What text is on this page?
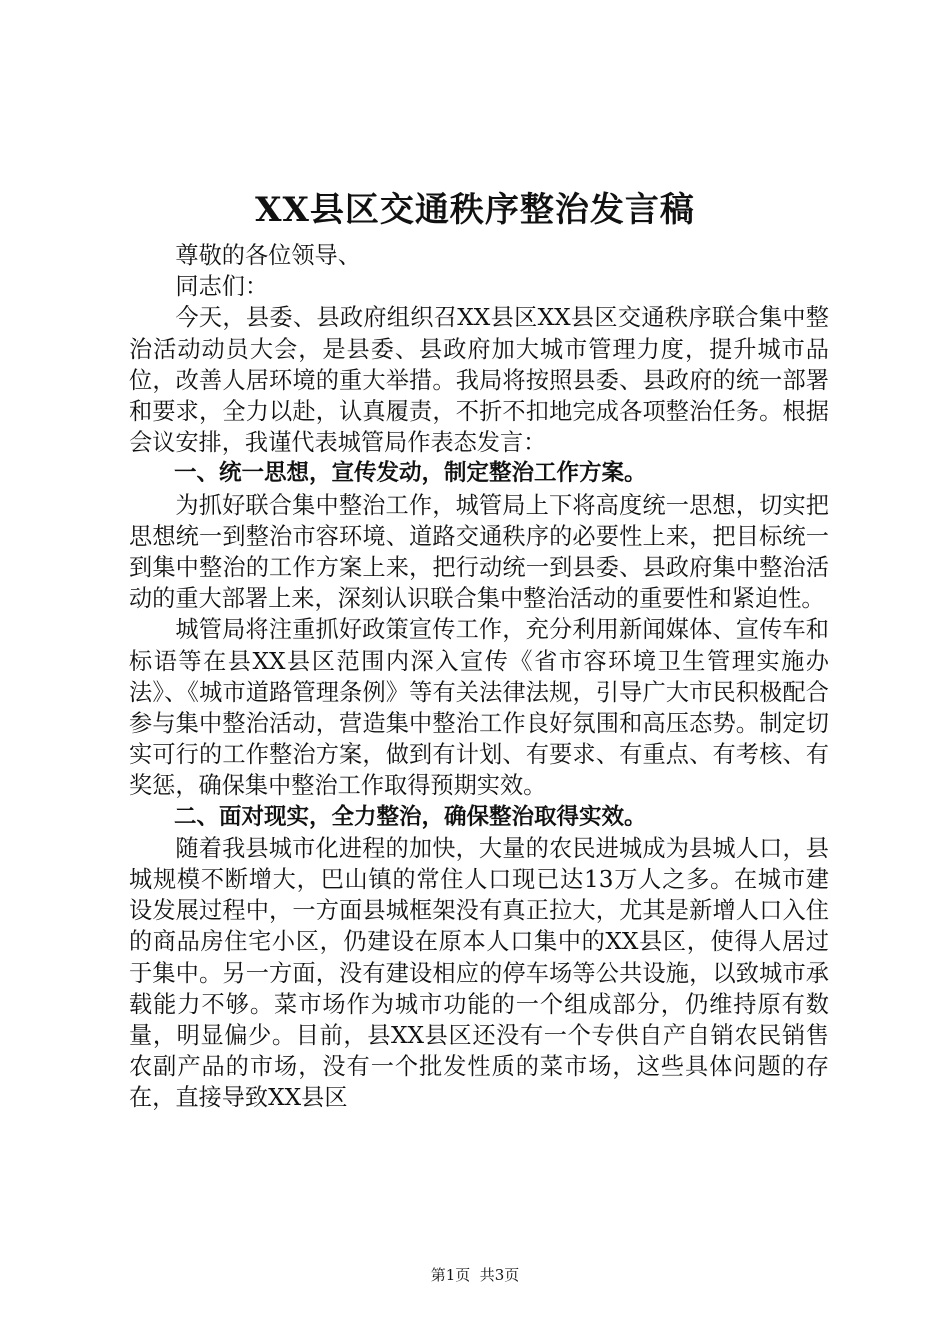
XX县区交通秩序整治发言稿

尊敬的各位领导、

同志们：

今天，县委、县政府组织召XX县区XX县区交通秩序联合集中整治活动动员大会，是县委、县政府加大城市管理力度，提升城市品位，改善人居环境的重大举措。我局将按照县委、县政府的统一部署和要求，全力以赴，认真履责，不折不扣地完成各项整治任务。根据会议安排，我谨代表城管局作表态发言：

一、统一思想，宣传发动，制定整治工作方案。

为抓好联合集中整治工作，城管局上下将高度统一思想，切实把思想统一到整治市容环境、道路交通秩序的必要性上来，把目标统一到集中整治的工作方案上来，把行动统一到县委、县政府集中整治活动的重大部署上来，深刻认识联合集中整治活动的重要性和紧迫性。

城管局将注重抓好政策宣传工作，充分利用新闻媒体、宣传车和标语等在县XX县区范围内深入宣传《省市容环境卫生管理实施办法》、《城市道路管理条例》等有关法律法规，引导广大市民积极配合参与集中整治活动，营造集中整治工作良好氛围和高压态势。制定切实可行的工作整治方案，做到有计划、有要求、有重点、有考核、有奖惩，确保集中整治工作取得预期实效。

二、面对现实，全力整治，确保整治取得实效。

随着我县城市化进程的加快，大量的农民进城成为县城人口，县城规模不断增大，巴山镇的常住人口现已达13万人之多。在城市建设发展过程中，一方面县城框架没有真正拉大，尤其是新增人口入住的商品房住宅小区，仍建设在原本人口集中的XX县区，使得人居过于集中。另一方面，没有建设相应的停车场等公共设施，以致城市承载能力不够。菜市场作为城市功能的一个组成部分，仍维持原有数量，明显偏少。目前，县XX县区还没有一个专供自产自销农民销售农副产品的市场，没有一个批发性质的菜市场，这些具体问题的存在，直接导致XX县区

第1页  共3页
